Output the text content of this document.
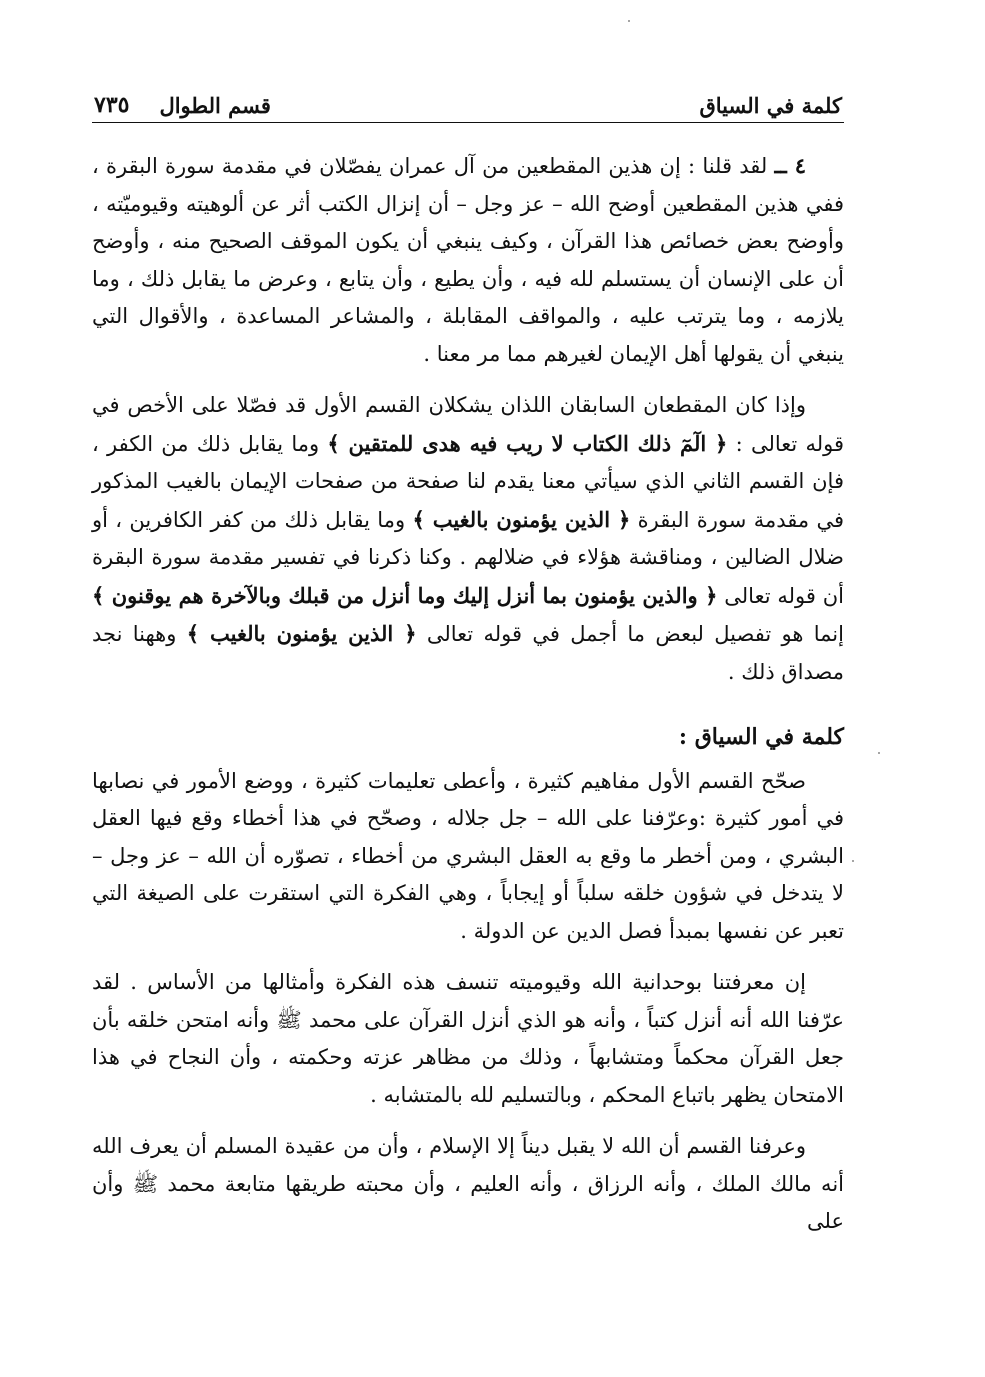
كلمة في السياق
قسم الطوال
٧٣٥

٤ ــ لقد قلنا : إن هذين المقطعين من آل عمران يفصّلان في مقدمة سورة البقرة ، ففي هذين المقطعين أوضح الله – عز وجل – أن إنزال الكتب أثر عن ألوهيته وقيوميّته ، وأوضح بعض خصائص هذا القرآن ، وكيف ينبغي أن يكون الموقف الصحيح منه ، وأوضح أن على الإنسان أن يستسلم لله فيه ، وأن يطيع ، وأن يتابع ، وعرض ما يقابل ذلك ، وما يلازمه ، وما يترتب عليه ، والمواقف المقابلة ، والمشاعر المساعدة ، والأقوال التي ينبغي أن يقولها أهل الإيمان لغيرهم مما مر معنا .

وإذا كان المقطعان السابقان اللذان يشكلان القسم الأول قد فصّلا على الأخص في قوله تعالى : ﴿ الٓمٓ ذلك الكتاب لا ريب فيه هدى للمتقين ﴾ وما يقابل ذلك من الكفر ، فإن القسم الثاني الذي سيأتي معنا يقدم لنا صفحة من صفحات الإيمان بالغيب المذكور في مقدمة سورة البقرة ﴿ الذين يؤمنون بالغيب ﴾ وما يقابل ذلك من كفر الكافرين ، أو ضلال الضالين ، ومناقشة هؤلاء في ضلالهم . وكنا ذكرنا في تفسير مقدمة سورة البقرة أن قوله تعالى ﴿ والذين يؤمنون بما أنزل إليك وما أنزل من قبلك وبالآخرة هم يوقنون ﴾ إنما هو تفصيل لبعض ما أجمل في قوله تعالى ﴿ الذين يؤمنون بالغيب ﴾ وههنا نجد مصداق ذلك .

كلمة في السياق :

صحّح القسم الأول مفاهيم كثيرة ، وأعطى تعليمات كثيرة ، ووضع الأمور في نصابها في أمور كثيرة :وعرّفنا على الله – جل جلاله ، وصحّح في هذا أخطاء وقع فيها العقل البشري ، ومن أخطر ما وقع به العقل البشري من أخطاء ، تصوّره أن الله – عز وجل – لا يتدخل في شؤون خلقه سلباً أو إيجاباً ، وهي الفكرة التي استقرت على الصيغة التي تعبر عن نفسها بمبدأ فصل الدين عن الدولة .

إن معرفتنا بوحدانية الله وقيوميته تنسف هذه الفكرة وأمثالها من الأساس . لقد عرّفنا الله أنه أنزل كتباً ، وأنه هو الذي أنزل القرآن على محمد ﷺ وأنه امتحن خلقه بأن جعل القرآن محكماً ومتشابهاً ، وذلك من مظاهر عزته وحكمته ، وأن النجاح في هذا الامتحان يظهر باتباع المحكم ، وبالتسليم لله بالمتشابه .

وعرفنا القسم أن الله لا يقبل ديناً إلا الإسلام ، وأن من عقيدة المسلم أن يعرف الله أنه مالك الملك ، وأنه الرزاق ، وأنه العليم ، وأن محبته طريقها متابعة محمد ﷺ وأن على
